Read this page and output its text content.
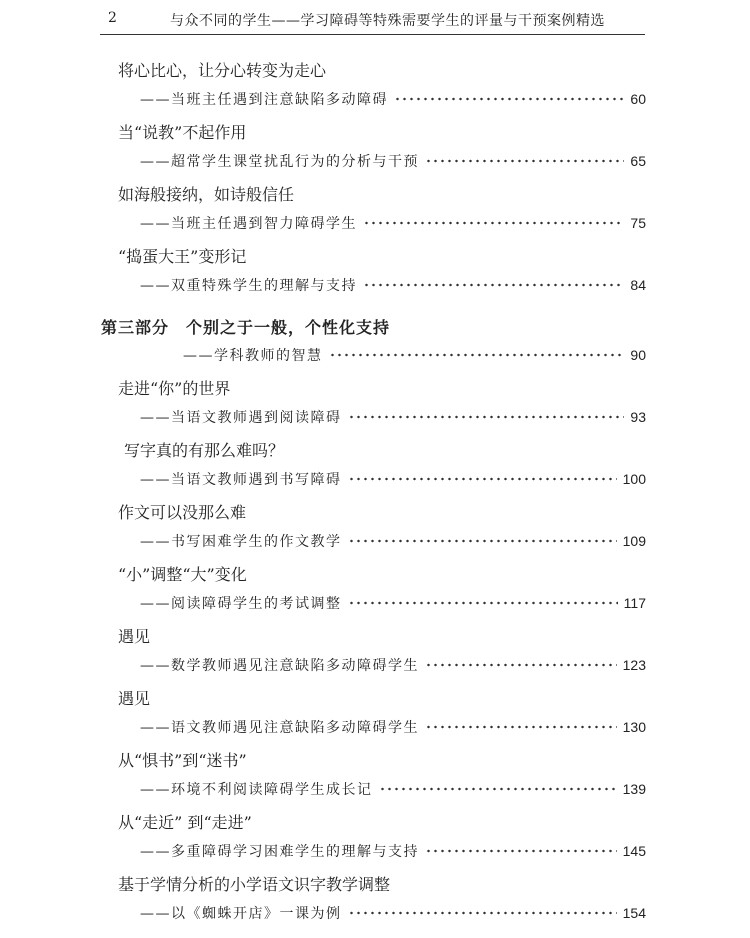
2	与众不同的学生——学习障碍等特殊需要学生的评量与干预案例精选
将心比心，让分心转变为走心
——当班主任遇到注意缺陷多动障碍	60
当“说教”不起作用
——超常学生课堂扰乱行为的分析与干预	65
如海般接纳，如诗般信任
——当班主任遇到智力障碍学生	75
“捣蛋大王”变形记
——双重特殊学生的理解与支持	84
第三部分　个别之于一般，个性化支持
——学科教师的智慧	90
走进“你”的世界
——当语文教师遇到阅读障碍	93
写字真的有那么难吗？
——当语文教师遇到书写障碍	100
作文可以没那么难
——书写困难学生的作文教学	109
“小”调整“大”变化
——阅读障碍学生的考试调整	117
遇见
——数学教师遇见注意缺陷多动障碍学生	123
遇见
——语文教师遇见注意缺陷多动障碍学生	130
从“惧书”到“迷书”
——环境不利阅读障碍学生成长记	139
从“走近” 到“走进”
——多重障碍学习困难学生的理解与支持	145
基于学情分析的小学语文识字教学调整
——以《蜘蛛开店》一课为例	154
